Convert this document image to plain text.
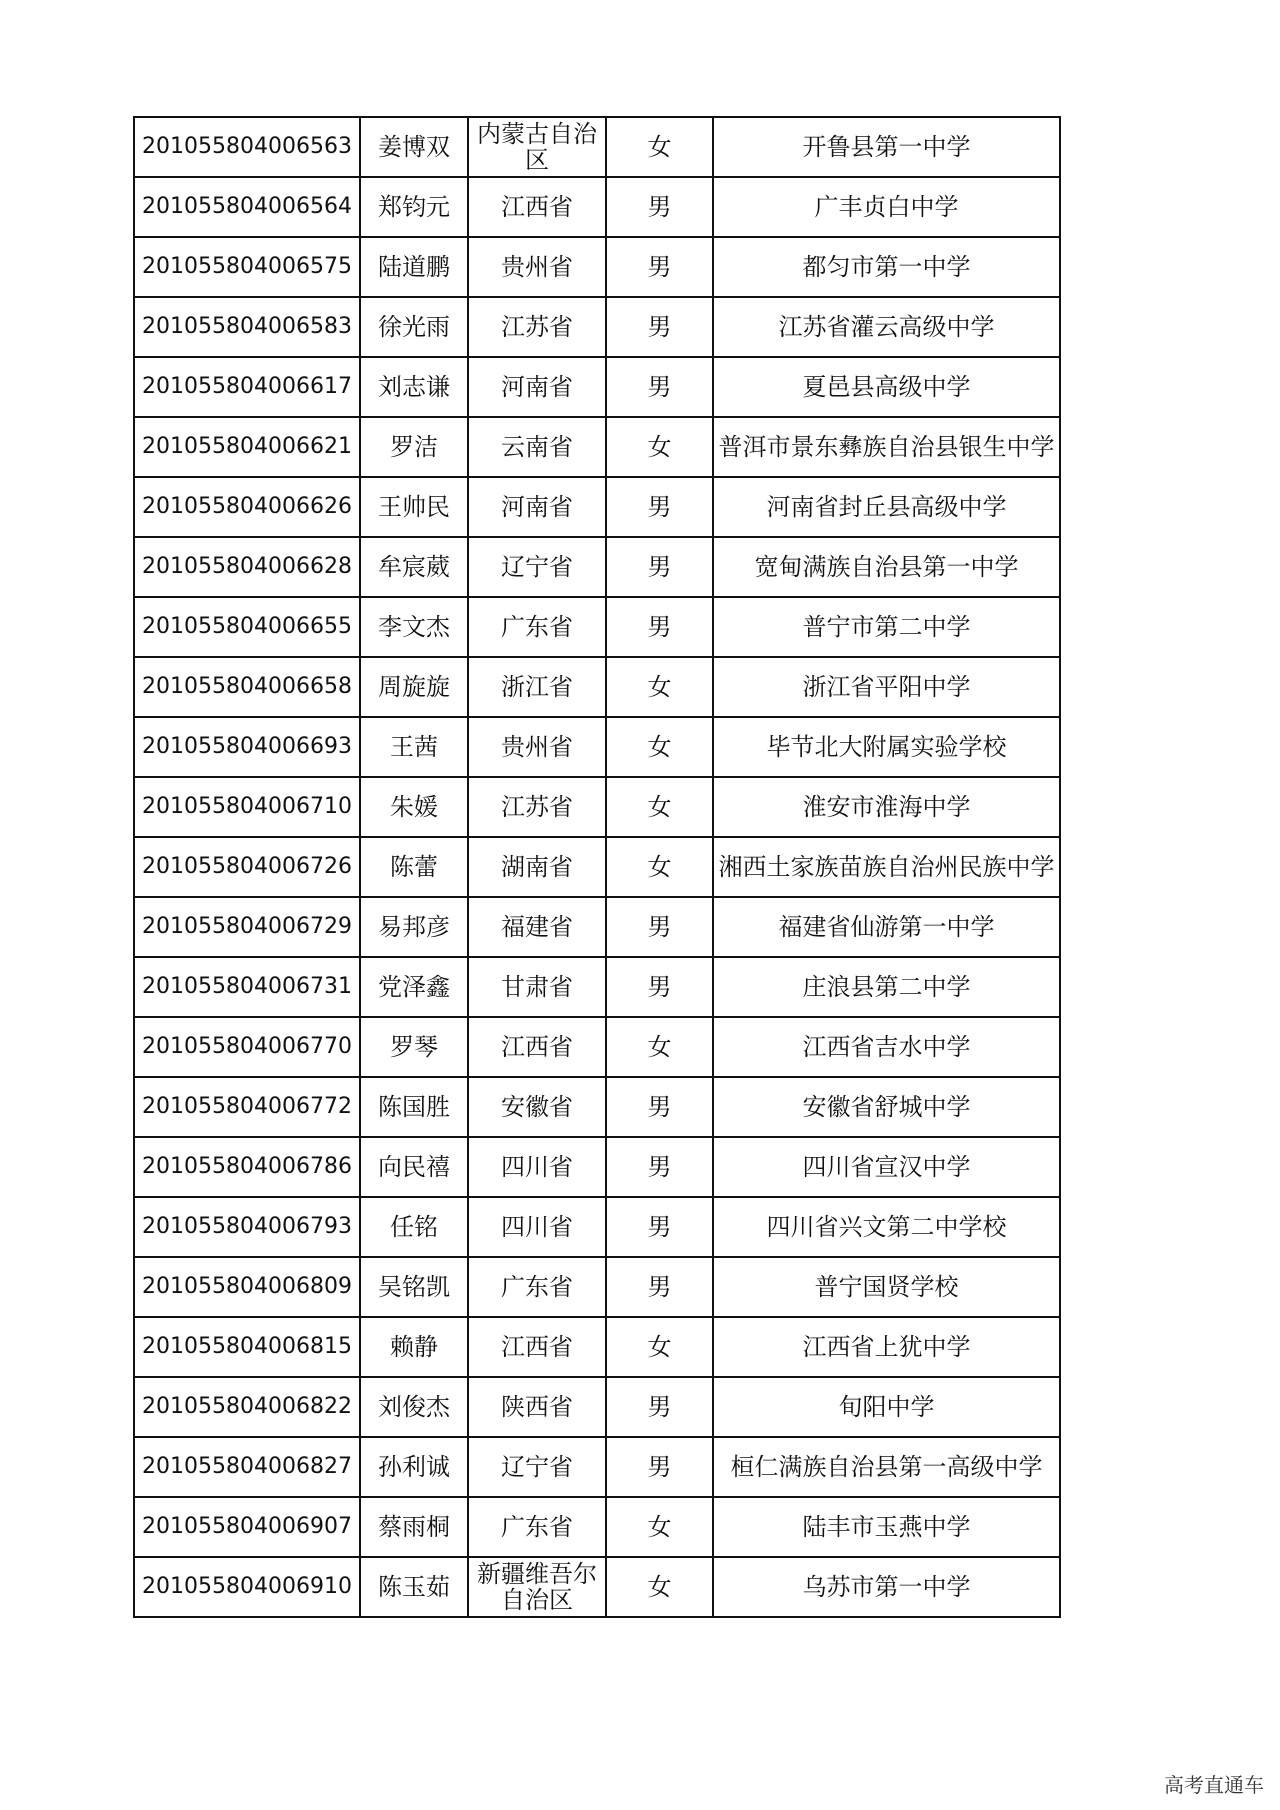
201055804006563	姜博双	内蒙古自治区	女	开鲁县第一中学
201055804006564	郑钧元	江西省	男	广丰贞白中学
201055804006575	陆道鹏	贵州省	男	都匀市第一中学
201055804006583	徐光雨	江苏省	男	江苏省灌云高级中学
201055804006617	刘志谦	河南省	男	夏邑县高级中学
201055804006621	罗洁	云南省	女	普洱市景东彝族自治县银生中学
201055804006626	王帅民	河南省	男	河南省封丘县高级中学
201055804006628	牟宸葳	辽宁省	男	宽甸满族自治县第一中学
201055804006655	李文杰	广东省	男	普宁市第二中学
201055804006658	周旋旋	浙江省	女	浙江省平阳中学
201055804006693	王茜	贵州省	女	毕节北大附属实验学校
201055804006710	朱媛	江苏省	女	淮安市淮海中学
201055804006726	陈蕾	湖南省	女	湘西土家族苗族自治州民族中学
201055804006729	易邦彦	福建省	男	福建省仙游第一中学
201055804006731	党泽鑫	甘肃省	男	庄浪县第二中学
201055804006770	罗琴	江西省	女	江西省吉水中学
201055804006772	陈国胜	安徽省	男	安徽省舒城中学
201055804006786	向民禧	四川省	男	四川省宣汉中学
201055804006793	任铭	四川省	男	四川省兴文第二中学校
201055804006809	吴铭凯	广东省	男	普宁国贤学校
201055804006815	赖静	江西省	女	江西省上犹中学
201055804006822	刘俊杰	陕西省	男	旬阳中学
201055804006827	孙利诚	辽宁省	男	桓仁满族自治县第一高级中学
201055804006907	蔡雨桐	广东省	女	陆丰市玉燕中学
201055804006910	陈玉茹	新疆维吾尔自治区	女	乌苏市第一中学
高考直通车
